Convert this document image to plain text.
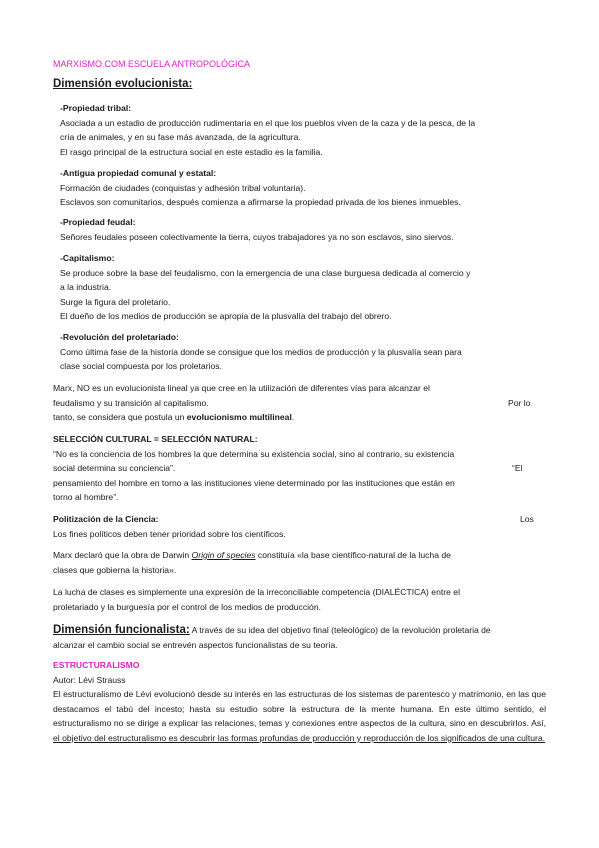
MARXISMO COM ESCUELA ANTROPOLÓGICA
Dimensión evolucionista:

-Propiedad tribal:

Asociada a un estadio de producción rudimentaria en el que los pueblos viven de la caza y de la pesca, de la

cría de animales, y en su fase más avanzada, de la agricultura.

El rasgo principal de la estructura social en este estadio es la familia.

-Antigua propiedad comunal y estatal:

Formación de ciudades (conquistas y adhesión tribal voluntaria).

Esclavos son comunitarios, después comienza a afirmarse la propiedad privada de los bienes inmuebles.

-Propiedad feudal:

Señores feudales poseen colectivamente la tierra, cuyos trabajadores ya no son esclavos, sino siervos.

-Capitalismo:

Se produce sobre la base del feudalismo, con la emergencia de una clase burguesa dedicada al comercio y

a la industria.

Surge la figura del proletario.

El dueño de los medios de producción se apropia de la plusvalía del trabajo del obrero.

-Revolución del proletariado:

Como última fase de la historia donde se consigue que los medios de producción y la plusvalía sean para

clase social compuesta por los proletarios.

Marx, NO es un evolucionista lineal ya que cree en la utilización de diferentes vías para alcanzar el

feudalismo y su transición al capitalismo.

tanto, se considera que postula un evolucionismo multilineal.

Por lo

SELECCIÓN CULTURAL = SELECCIÓN NATURAL:

“No es la conciencia de los hombres la que determina su existencia social, sino al contrario, su existencia

social determina su conciencia”.

pensamiento del hombre en torno a las instituciones viene determinado por las instituciones que están en

torno al hombre”.

“El

Politización de la Ciencia:

Los fines políticos deben tener prioridad sobre los científicos.

Los

Marx declaró que la obra de Darwin Origin of species constituía «la base científico-natural de la lucha de

clases que gobierna la historia».

La lucha de clases es simplemente una expresión de la irreconciliable competencia (DIALÉCTICA) entre el

proletariado y la burguesía por el control de los medios de producción.

Dimensión funcionalista: A través de su idea del objetivo final (teleológico) de la revolución proletaria de

alcanzar el cambio social se entrevén aspectos funcionalistas de su teoría.

ESTRUCTURALISMO

Autor: Lévi Strauss

El estructuralismo de Lévi evolucionó desde su interés en las estructuras de los sistemas de parentesco y matrimonio, en las que destacamos el tabú del incesto; hasta su estudio sobre la estructura de la mente humana. En este último sentido, el estructuralismo no se dirige a explicar las relaciones, temas y conexiones entre aspectos de la cultura, sino en descubrirlos. Así, el objetivo del estructuralismo es descubrir las formas profundas de producción y reproducción de los significados de una cultura.
